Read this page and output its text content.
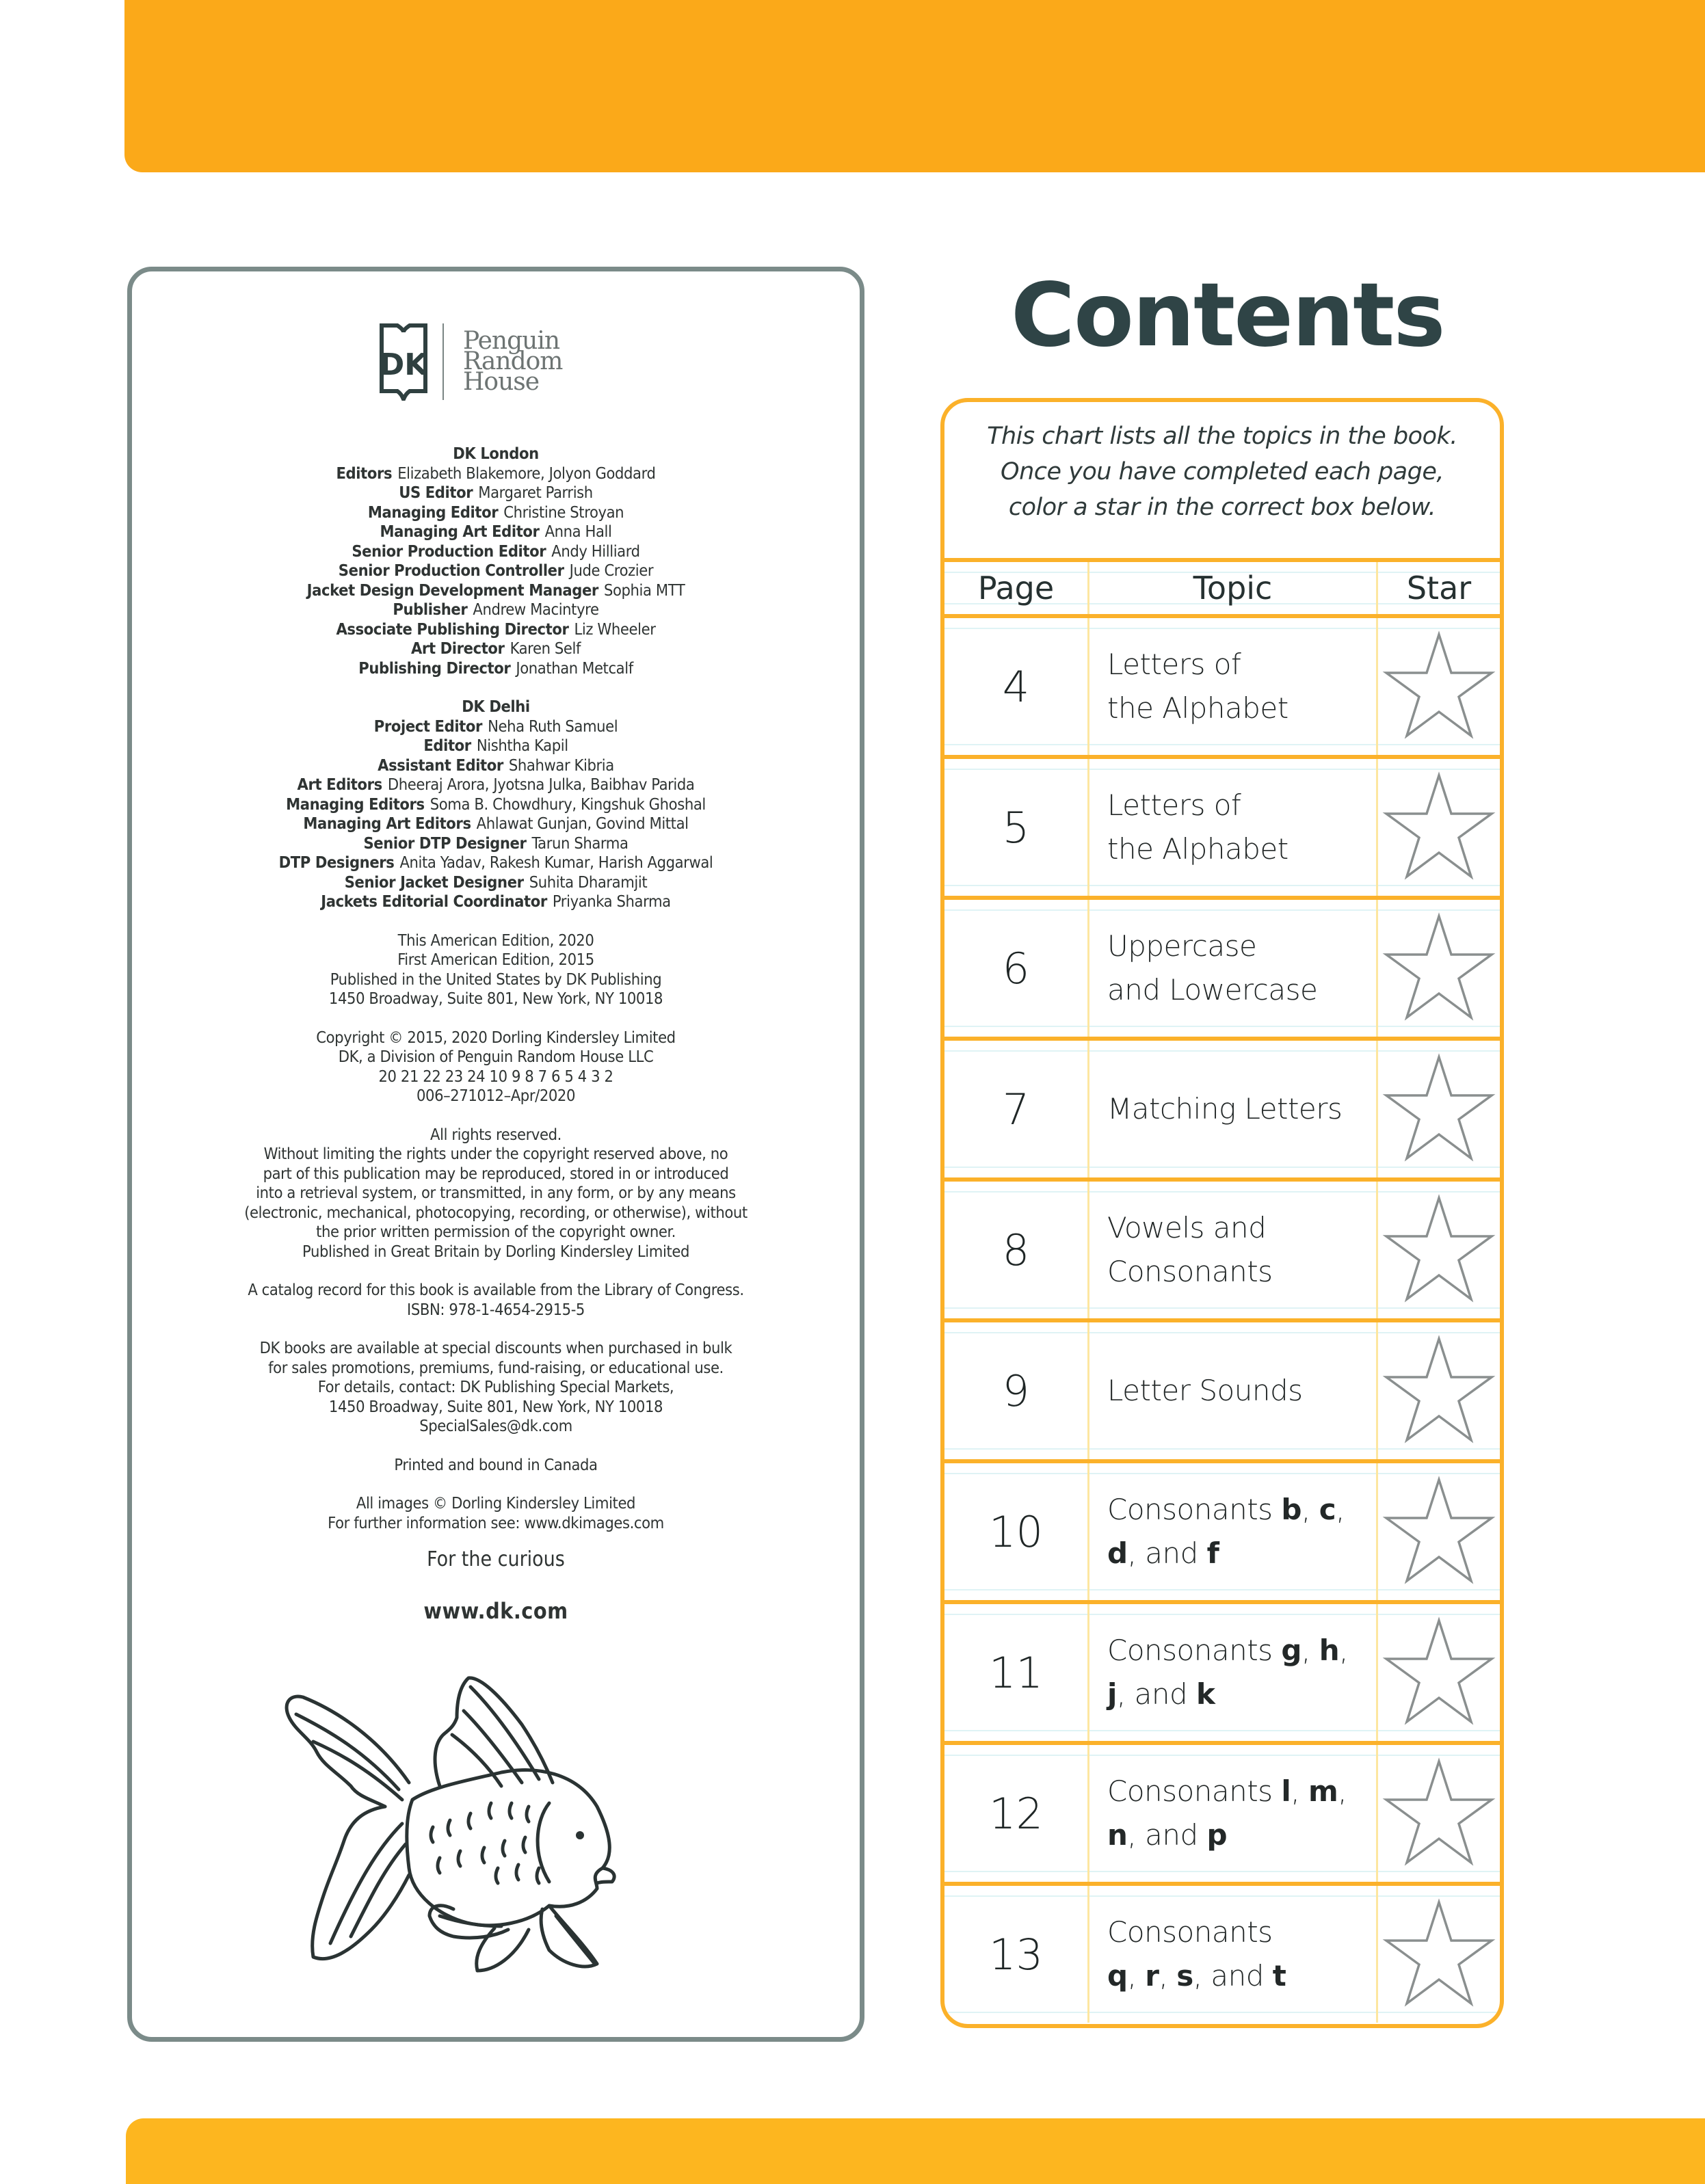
DK
Penguin
Random
House
DK London
Editors Elizabeth Blakemore, Jolyon Goddard
US Editor Margaret Parrish
Managing Editor Christine Stroyan
Managing Art Editor Anna Hall
Senior Production Editor Andy Hilliard
Senior Production Controller Jude Crozier
Jacket Design Development Manager Sophia MTT
Publisher Andrew Macintyre
Associate Publishing Director Liz Wheeler
Art Director Karen Self
Publishing Director Jonathan Metcalf
DK Delhi
Project Editor Neha Ruth Samuel
Editor Nishtha Kapil
Assistant Editor Shahwar Kibria
Art Editors Dheeraj Arora, Jyotsna Julka, Baibhav Parida
Managing Editors Soma B. Chowdhury, Kingshuk Ghoshal
Managing Art Editors Ahlawat Gunjan, Govind Mittal
Senior DTP Designer Tarun Sharma
DTP Designers Anita Yadav, Rakesh Kumar, Harish Aggarwal
Senior Jacket Designer Suhita Dharamjit
Jackets Editorial Coordinator Priyanka Sharma
This American Edition, 2020
First American Edition, 2015
Published in the United States by DK Publishing
1450 Broadway, Suite 801, New York, NY 10018
Copyright © 2015, 2020 Dorling Kindersley Limited
DK, a Division of Penguin Random House LLC
20 21 22 23 24 10 9 8 7 6 5 4 3 2
006–271012–Apr/2020
All rights reserved.
Without limiting the rights under the copyright reserved above, no
part of this publication may be reproduced, stored in or introduced
into a retrieval system, or transmitted, in any form, or by any means
(electronic, mechanical, photocopying, recording, or otherwise), without
the prior written permission of the copyright owner.
Published in Great Britain by Dorling Kindersley Limited
A catalog record for this book is available from the Library of Congress.
ISBN: 978-1-4654-2915-5
DK books are available at special discounts when purchased in bulk
for sales promotions, premiums, fund-raising, or educational use.
For details, contact: DK Publishing Special Markets,
1450 Broadway, Suite 801, New York, NY 10018
SpecialSales@dk.com
Printed and bound in Canada
All images © Dorling Kindersley Limited
For further information see: www.dkimages.com
For the curious
www.dk.com
Contents
This chart lists all the topics in the book.
Once you have completed each page,
color a star in the correct box below.
Page	Topic	Star
4	Letters of
the Alphabet
5	Letters of
the Alphabet
6	Uppercase
and Lowercase
7	Matching Letters
8	Vowels and
Consonants
9	Letter Sounds
10	Consonants b, c,
d, and f
11	Consonants g, h,
j, and k
12	Consonants l, m,
n, and p
13	Consonants
q, r, s, and t
